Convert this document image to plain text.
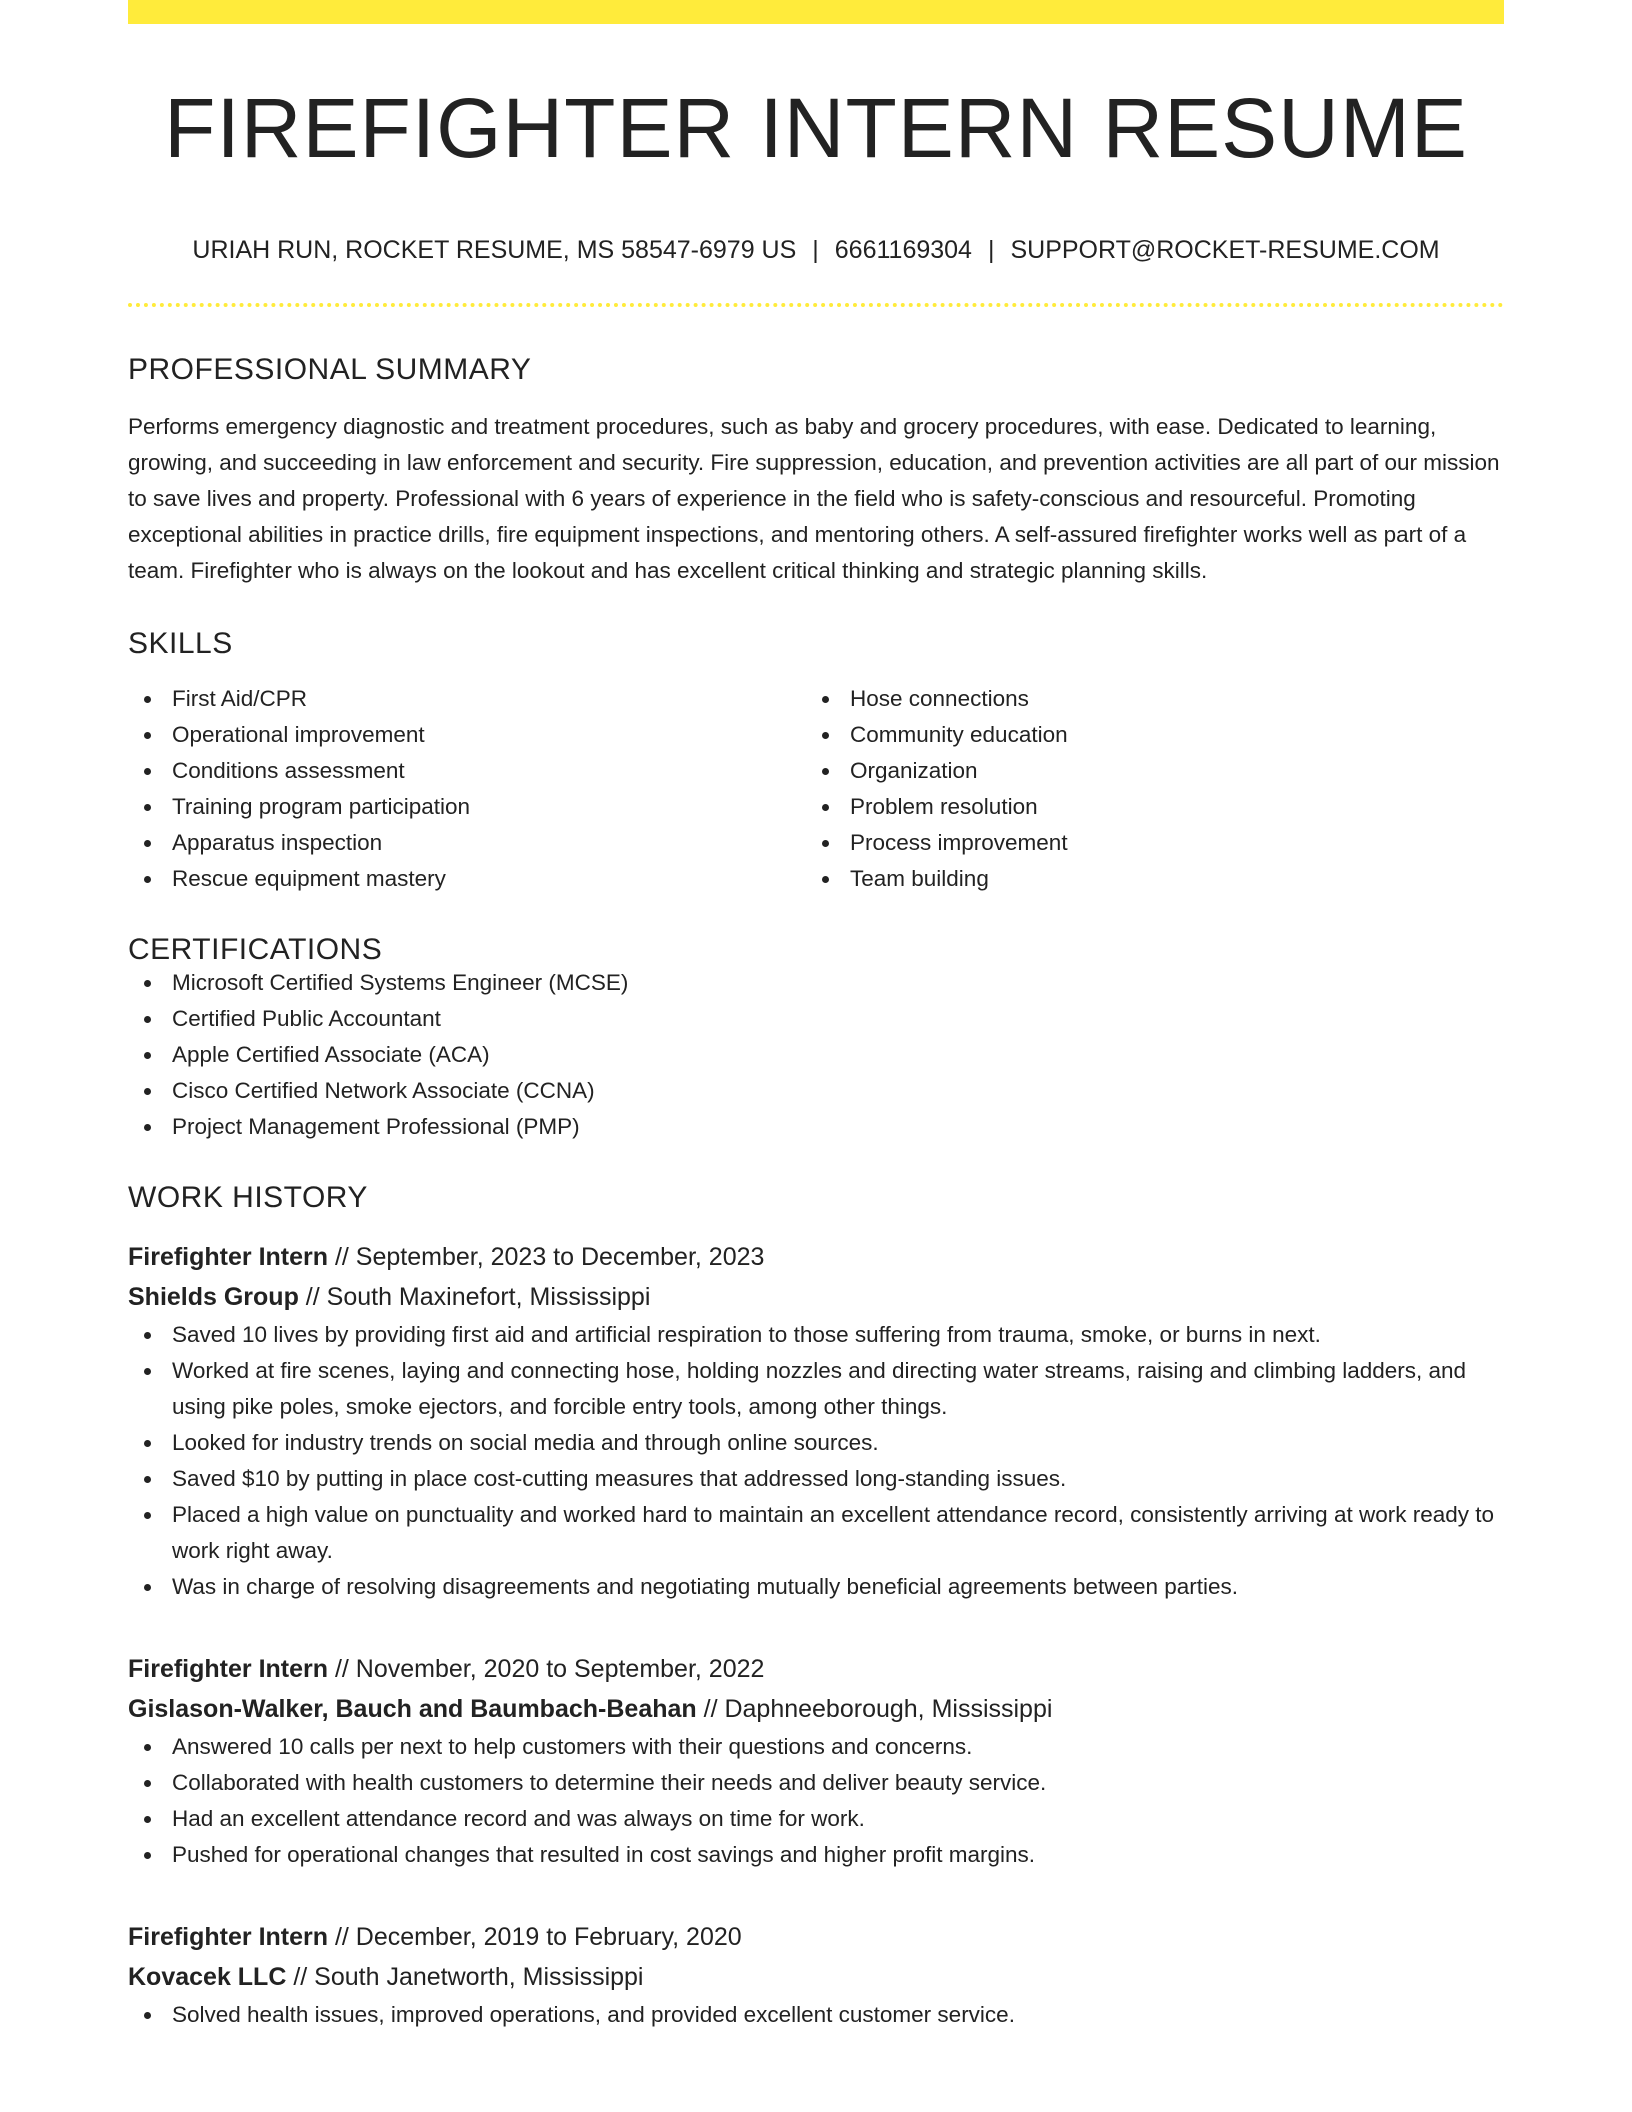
FIREFIGHTER INTERN RESUME
URIAH RUN, ROCKET RESUME, MS 58547-6979 US | 6661169304 | SUPPORT@ROCKET-RESUME.COM
PROFESSIONAL SUMMARY
Performs emergency diagnostic and treatment procedures, such as baby and grocery procedures, with ease. Dedicated to learning, growing, and succeeding in law enforcement and security. Fire suppression, education, and prevention activities are all part of our mission to save lives and property. Professional with 6 years of experience in the field who is safety-conscious and resourceful. Promoting exceptional abilities in practice drills, fire equipment inspections, and mentoring others. A self-assured firefighter works well as part of a team. Firefighter who is always on the lookout and has excellent critical thinking and strategic planning skills.
SKILLS
First Aid/CPR
Operational improvement
Conditions assessment
Training program participation
Apparatus inspection
Rescue equipment mastery
Hose connections
Community education
Organization
Problem resolution
Process improvement
Team building
CERTIFICATIONS
Microsoft Certified Systems Engineer (MCSE)
Certified Public Accountant
Apple Certified Associate (ACA)
Cisco Certified Network Associate (CCNA)
Project Management Professional (PMP)
WORK HISTORY
Firefighter Intern // September, 2023 to December, 2023
Shields Group // South Maxinefort, Mississippi
Saved 10 lives by providing first aid and artificial respiration to those suffering from trauma, smoke, or burns in next.
Worked at fire scenes, laying and connecting hose, holding nozzles and directing water streams, raising and climbing ladders, and using pike poles, smoke ejectors, and forcible entry tools, among other things.
Looked for industry trends on social media and through online sources.
Saved $10 by putting in place cost-cutting measures that addressed long-standing issues.
Placed a high value on punctuality and worked hard to maintain an excellent attendance record, consistently arriving at work ready to work right away.
Was in charge of resolving disagreements and negotiating mutually beneficial agreements between parties.
Firefighter Intern // November, 2020 to September, 2022
Gislason-Walker, Bauch and Baumbach-Beahan // Daphneeborough, Mississippi
Answered 10 calls per next to help customers with their questions and concerns.
Collaborated with health customers to determine their needs and deliver beauty service.
Had an excellent attendance record and was always on time for work.
Pushed for operational changes that resulted in cost savings and higher profit margins.
Firefighter Intern // December, 2019 to February, 2020
Kovacek LLC // South Janetworth, Mississippi
Solved health issues, improved operations, and provided excellent customer service.
